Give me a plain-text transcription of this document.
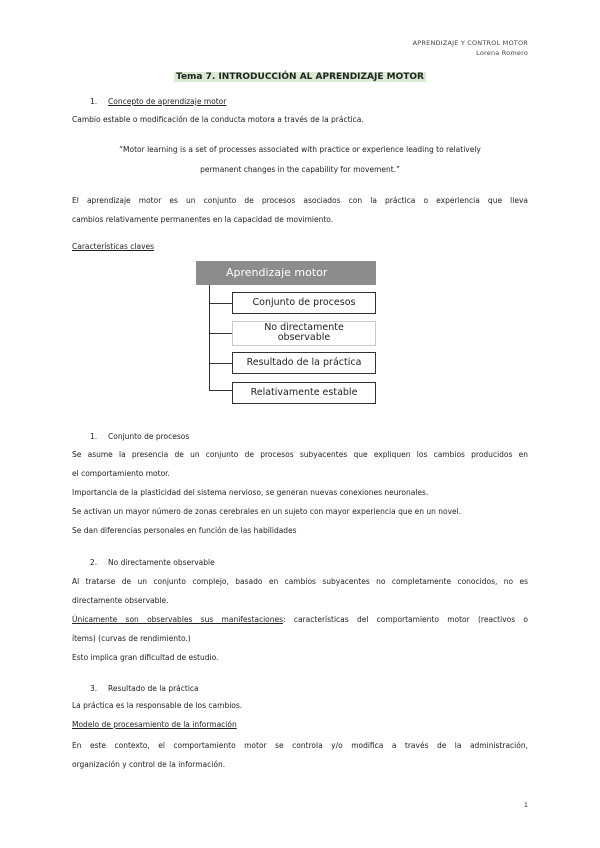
APRENDIZAJE Y CONTROL MOTOR
Lorena Romero
Tema 7. INTRODUCCIÓN AL APRENDIZAJE MOTOR
1. Concepto de aprendizaje motor
Cambio estable o modificación de la conducta motora a través de la práctica.
“Motor learning is a set of processes associated with practice or experience leading to relatively
permanent changes in the capability for movement.”
El aprendizaje motor es un conjunto de procesos asociados con la práctica o experiencia que lleva
cambios relativamente permanentes en la capacidad de movimiento.
Características claves
Aprendizaje motor
Conjunto de procesos
No directamente observable
Resultado de la práctica
Relativamente estable
1. Conjunto de procesos
Se asume la presencia de un conjunto de procesos subyacentes que expliquen los cambios producidos en
el comportamiento motor.
Importancia de la plasticidad del sistema nervioso, se generan nuevas conexiones neuronales.
Se activan un mayor número de zonas cerebrales en un sujeto con mayor experiencia que en un novel.
Se dan diferencias personales en función de las habilidades
2. No directamente observable
Al tratarse de un conjunto complejo, basado en cambios subyacentes no completamente conocidos, no es
directamente observable.
Únicamente son observables sus manifestaciones: características del comportamiento motor (reactivos o
ítems) (curvas de rendimiento.)
Esto implica gran dificultad de estudio.
3. Resultado de la práctica
La práctica es la responsable de los cambios.
Modelo de procesamiento de la información
En este contexto, el comportamiento motor se controla y/o modifica a través de la administración,
organización y control de la información.
1
